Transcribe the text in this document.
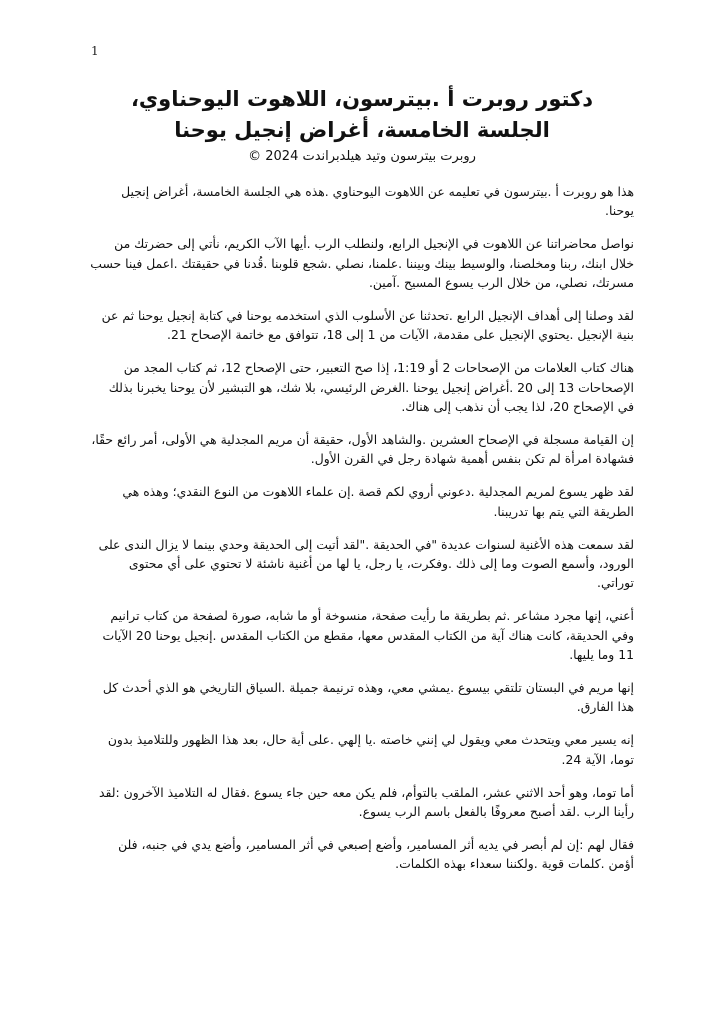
1
دكتور روبرت أ .بيترسون، اللاهوت اليوحناوي،
الجلسة الخامسة، أغراض إنجيل يوحنا
روبرت بيترسون وتيد هيلدبراندت 2024 ©

هذا هو روبرت أ .بيترسون في تعليمه عن اللاهوت اليوحناوي .هذه هي الجلسة الخامسة، أغراض إنجيل يوحنا.

نواصل محاضراتنا عن اللاهوت في الإنجيل الرابع، ولنطلب الرب .أيها الآب الكريم، نأتي إلى حضرتك من خلال ابنك، ربنا ومخلصنا، والوسيط بينك وبيننا .علمنا، نصلي .شجع قلوبنا .قُدنا في حقيقتك .اعمل فينا حسب مسرتك، نصلي، من خلال الرب يسوع المسيح .آمين.

لقد وصلنا إلى أهداف الإنجيل الرابع .تحدثنا عن الأسلوب الذي استخدمه يوحنا في كتابة إنجيل يوحنا ثم عن بنية الإنجيل .يحتوي الإنجيل على مقدمة، الآيات من 1 إلى 18، تتوافق مع خاتمة الإصحاح 21.

هناك كتاب العلامات من الإصحاحات 2 أو 1:19، إذا صح التعبير، حتى الإصحاح 12، ثم كتاب المجد من الإصحاحات 13 إلى 20 .أغراض إنجيل يوحنا .الغرض الرئيسي، بلا شك، هو التبشير لأن يوحنا يخبرنا بذلك في الإصحاح 20، لذا يجب أن نذهب إلى هناك.

إن القيامة مسجلة في الإصحاح العشرين .والشاهد الأول، حقيقة أن مريم المجدلية هي الأولى، أمر رائع حقًا، فشهادة امرأة لم تكن بنفس أهمية شهادة رجل في القرن الأول.

لقد ظهر يسوع لمريم المجدلية .دعوني أروي لكم قصة .إن علماء اللاهوت من النوع النقدي؛ وهذه هي الطريقة التي يتم بها تدريبنا.

لقد سمعت هذه الأغنية لسنوات عديدة "في الحديقة ."لقد أتيت إلى الحديقة وحدي بينما لا يزال الندى على الورود، وأسمع الصوت وما إلى ذلك .وفكرت، يا رجل، يا لها من أغنية ناشئة لا تحتوي على أي محتوى توراتي.

أعني، إنها مجرد مشاعر .ثم بطريقة ما رأيت صفحة، منسوخة أو ما شابه، صورة لصفحة من كتاب ترانيم وفي الحديقة، كانت هناك آية من الكتاب المقدس معها، مقطع من الكتاب المقدس .إنجيل يوحنا 20 الآيات 11 وما يليها.

إنها مريم في البستان تلتقي بيسوع .يمشي معي، وهذه ترنيمة جميلة .السياق التاريخي هو الذي أحدث كل هذا الفارق.

إنه يسير معي ويتحدث معي ويقول لي إنني خاصته .يا إلهي .على أية حال، بعد هذا الظهور وللتلاميذ بدون توما، الآية 24.

أما توما، وهو أحد الاثني عشر، الملقب بالتوأم، فلم يكن معه حين جاء يسوع .فقال له التلاميذ الآخرون :لقد رأينا الرب .لقد أصبح معروفًا بالفعل باسم الرب يسوع.

فقال لهم :إن لم أبصر في يديه أثر المسامير، وأضع إصبعي في أثر المسامير، وأضع يدي في جنبه، فلن أؤمن .كلمات قوية .ولكننا سعداء بهذه الكلمات.
